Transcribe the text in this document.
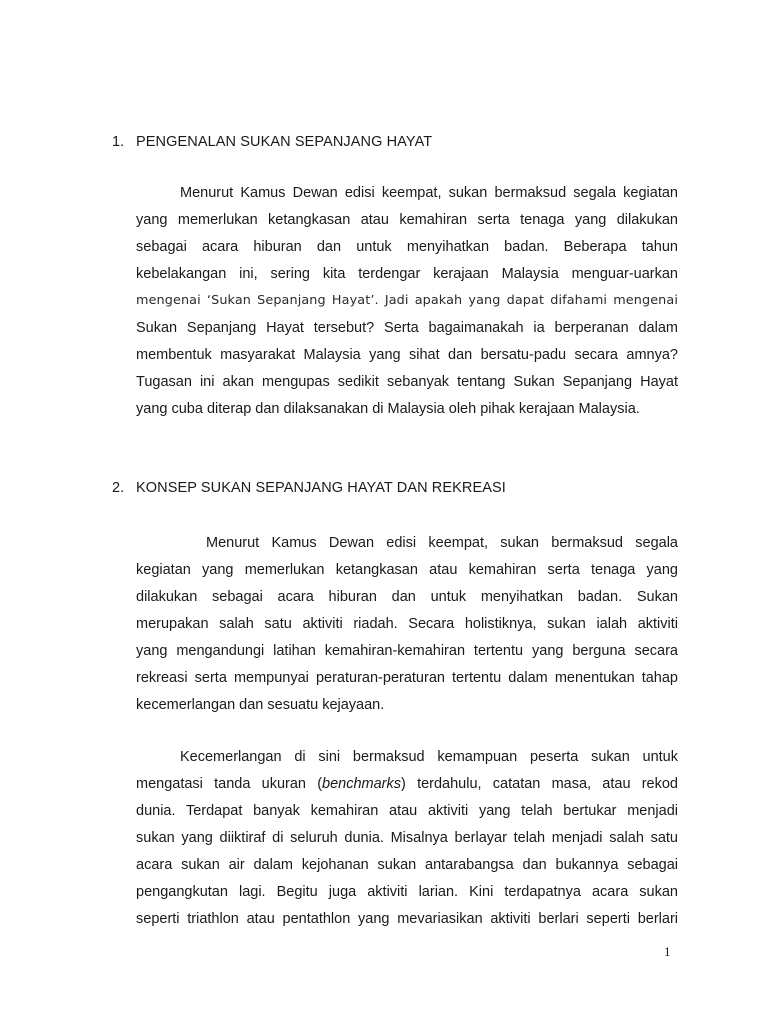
1. PENGENALAN SUKAN SEPANJANG HAYAT
Menurut Kamus Dewan edisi keempat, sukan bermaksud segala kegiatan
yang memerlukan ketangkasan atau kemahiran serta tenaga yang dilakukan
sebagai acara hiburan dan untuk menyihatkan badan. Beberapa tahun
kebelakangan ini, sering kita terdengar kerajaan Malaysia menguar-uarkan
mengenai ‘Sukan Sepanjang Hayat’. Jadi apakah yang dapat difahami mengenai
Sukan Sepanjang Hayat tersebut? Serta bagaimanakah ia berperanan dalam
membentuk masyarakat Malaysia yang sihat dan bersatu-padu secara amnya?
Tugasan ini akan mengupas sedikit sebanyak tentang Sukan Sepanjang Hayat
yang cuba diterap dan dilaksanakan di Malaysia oleh pihak kerajaan Malaysia.
2. KONSEP SUKAN SEPANJANG HAYAT DAN REKREASI
Menurut Kamus Dewan edisi keempat, sukan bermaksud segala
kegiatan yang memerlukan ketangkasan atau kemahiran serta tenaga yang
dilakukan sebagai acara hiburan dan untuk menyihatkan badan. Sukan
merupakan salah satu aktiviti riadah. Secara holistiknya, sukan ialah aktiviti
yang mengandungi latihan kemahiran-kemahiran tertentu yang berguna secara
rekreasi serta mempunyai peraturan-peraturan tertentu dalam menentukan tahap
kecemerlangan dan sesuatu kejayaan.
Kecemerlangan di sini bermaksud kemampuan peserta sukan untuk
mengatasi tanda ukuran (benchmarks) terdahulu, catatan masa, atau rekod
dunia. Terdapat banyak kemahiran atau aktiviti yang telah bertukar menjadi
sukan yang diiktiraf di seluruh dunia. Misalnya berlayar telah menjadi salah satu
acara sukan air dalam kejohanan sukan antarabangsa dan bukannya sebagai
pengangkutan lagi. Begitu juga aktiviti larian. Kini terdapatnya acara sukan
seperti triathlon atau pentathlon yang mevariasikan aktiviti berlari seperti berlari
1
